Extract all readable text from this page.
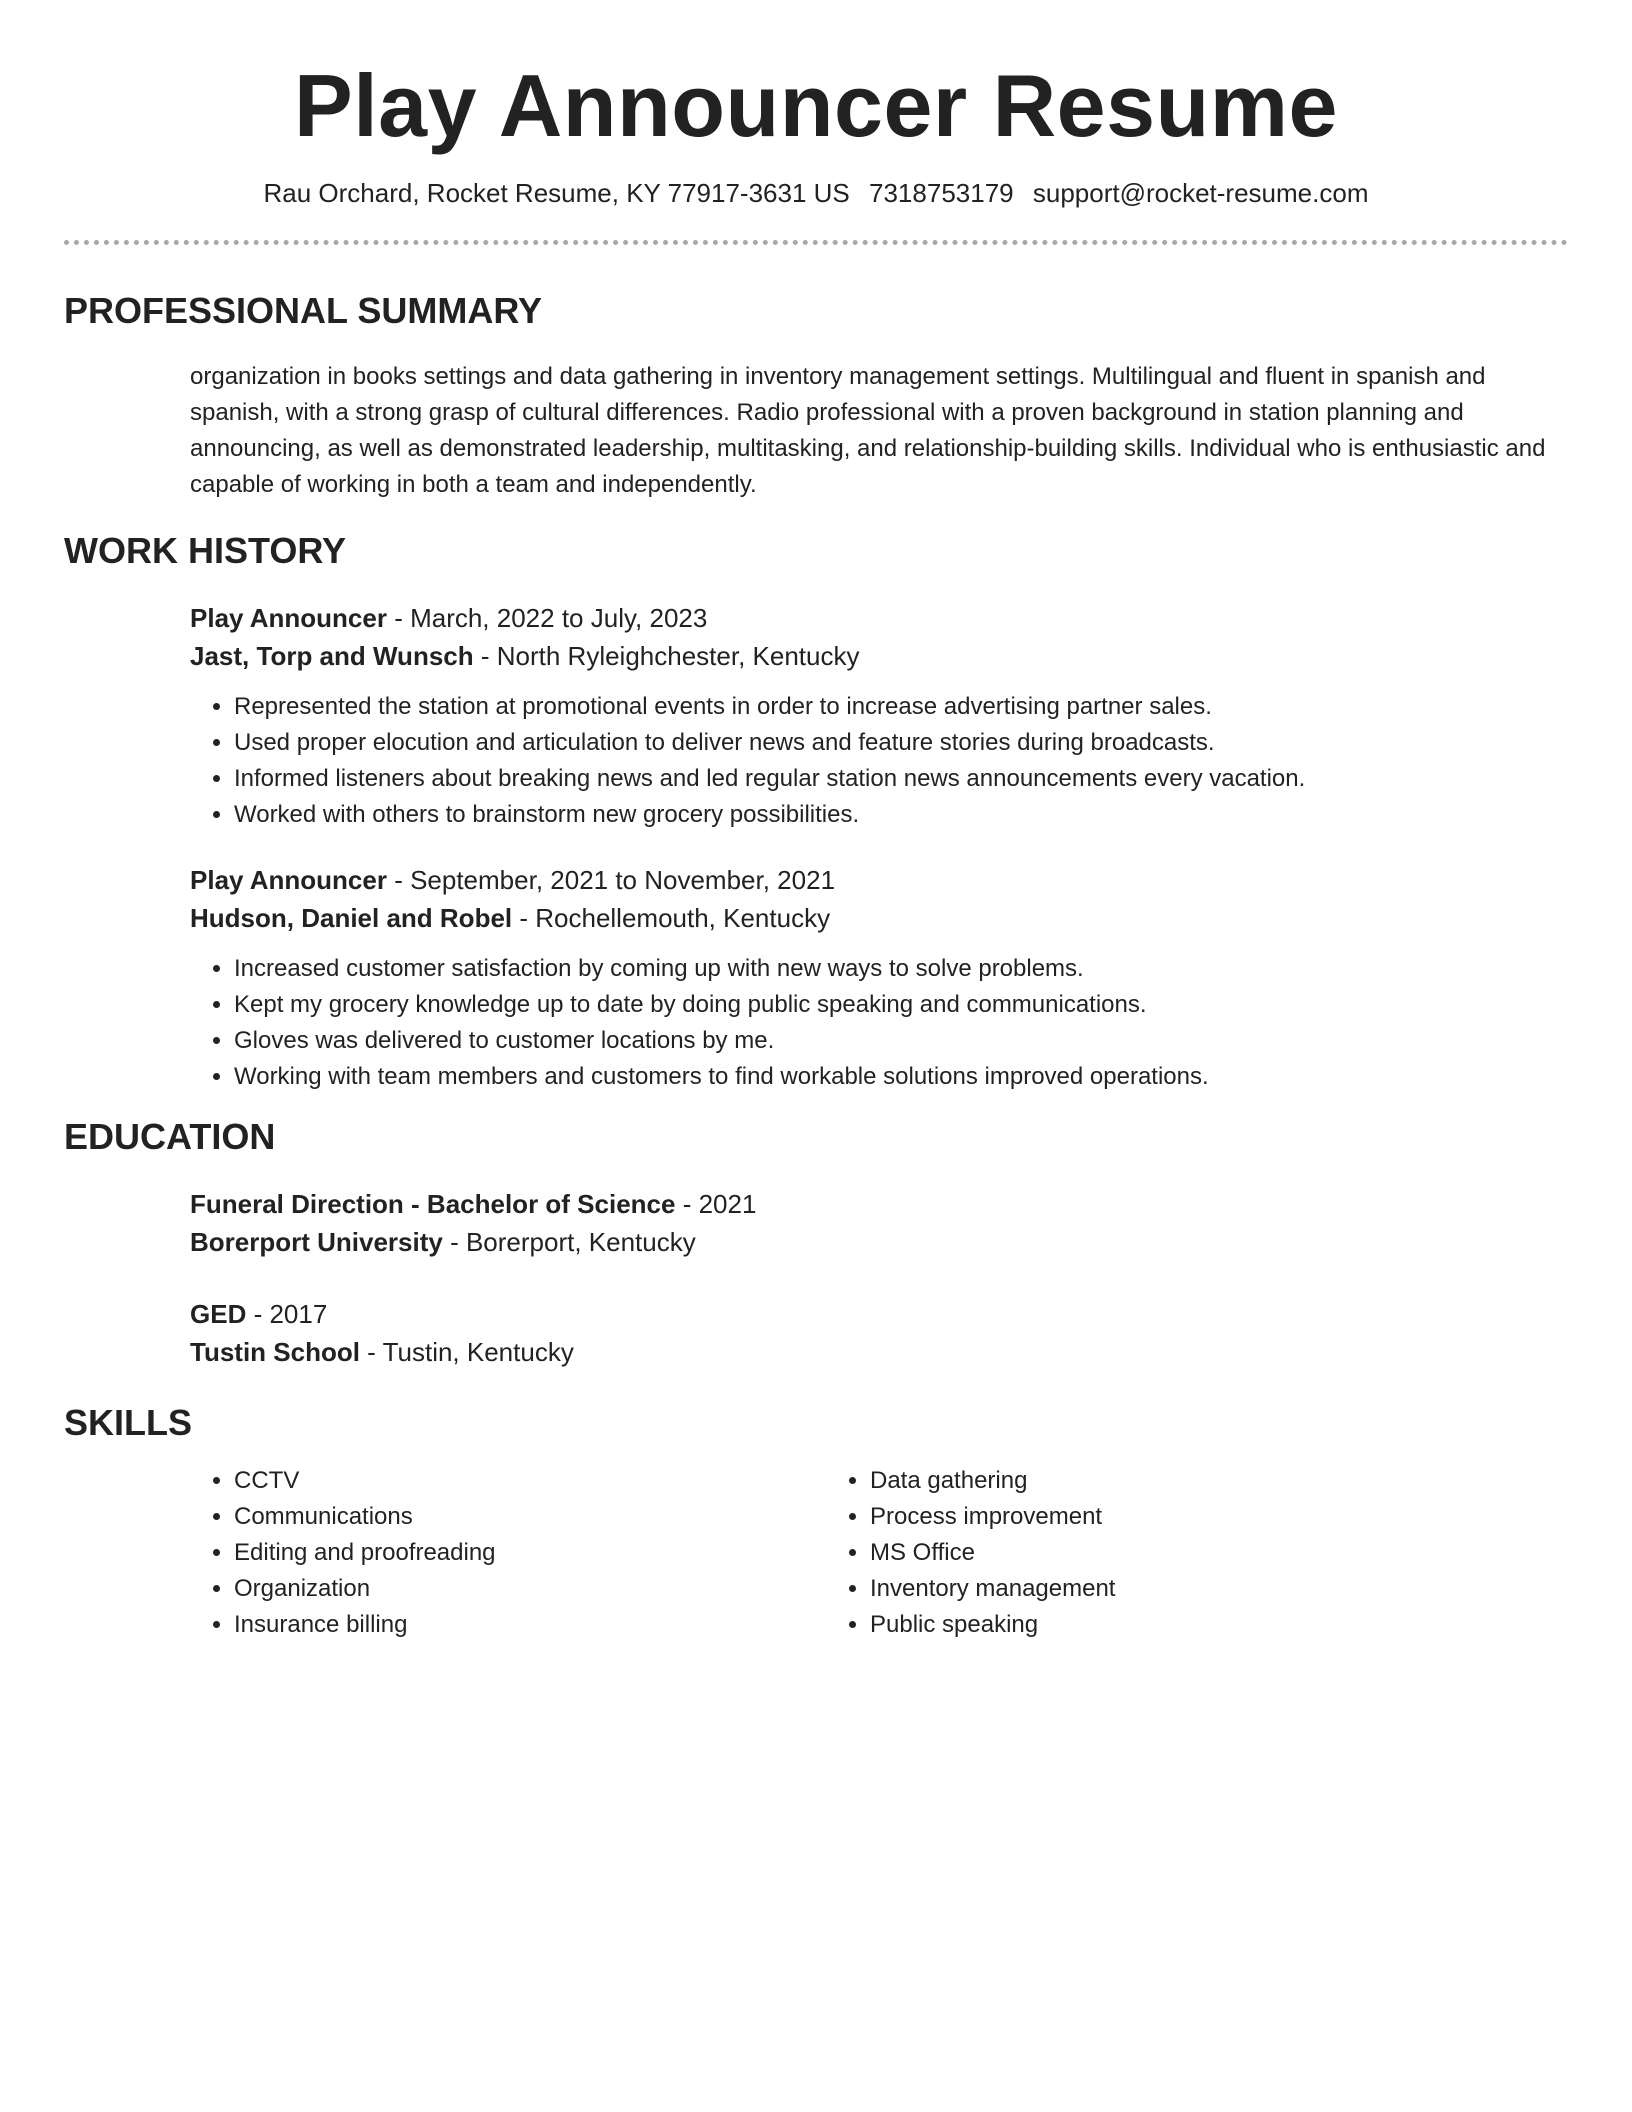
Play Announcer Resume
Rau Orchard, Rocket Resume, KY 77917-3631 US 7318753179 support@rocket-resume.com
PROFESSIONAL SUMMARY

organization in books settings and data gathering in inventory management settings. Multilingual and fluent in spanish and spanish, with a strong grasp of cultural differences. Radio professional with a proven background in station planning and announcing, as well as demonstrated leadership, multitasking, and relationship-building skills. Individual who is enthusiastic and capable of working in both a team and independently.

WORK HISTORY
Play Announcer - March, 2022 to July, 2023
Jast, Torp and Wunsch - North Ryleighchester, Kentucky
• Represented the station at promotional events in order to increase advertising partner sales.
• Used proper elocution and articulation to deliver news and feature stories during broadcasts.
• Informed listeners about breaking news and led regular station news announcements every vacation.
• Worked with others to brainstorm new grocery possibilities.
Play Announcer - September, 2021 to November, 2021
Hudson, Daniel and Robel - Rochellemouth, Kentucky
• Increased customer satisfaction by coming up with new ways to solve problems.
• Kept my grocery knowledge up to date by doing public speaking and communications.
• Gloves was delivered to customer locations by me.
• Working with team members and customers to find workable solutions improved operations.
EDUCATION
Funeral Direction - Bachelor of Science - 2021
Borerport University - Borerport, Kentucky
GED - 2017
Tustin School - Tustin, Kentucky
SKILLS
• CCTV
• Communications
• Editing and proofreading
• Organization
• Insurance billing
• Data gathering
• Process improvement
• MS Office
• Inventory management
• Public speaking
